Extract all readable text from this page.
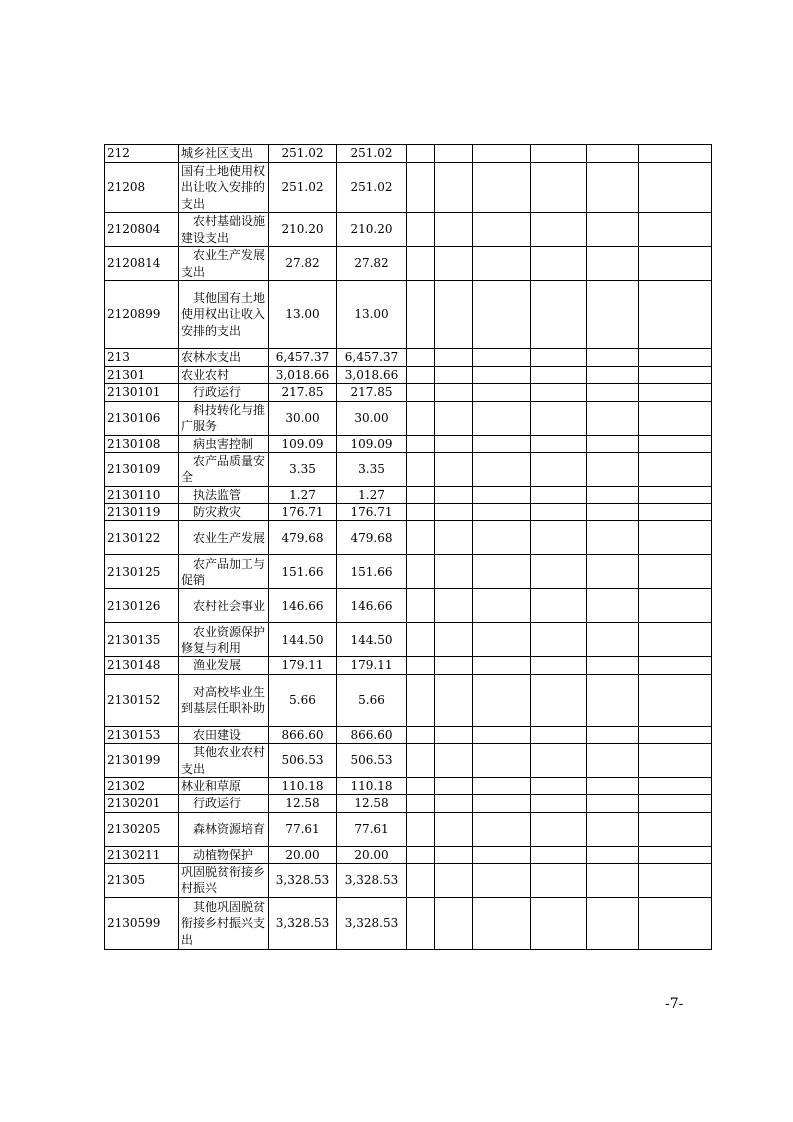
212	城乡社区支出	251.02	251.02						
21208	国有土地使用权出让收入安排的支出	251.02	251.02						
2120804	农村基础设施建设支出	210.20	210.20						
2120814	农业生产发展支出	27.82	27.82						
2120899	其他国有土地使用权出让收入安排的支出	13.00	13.00						
213	农林水支出	6,457.37	6,457.37						
21301	农业农村	3,018.66	3,018.66						
2130101	行政运行	217.85	217.85						
2130106	科技转化与推广服务	30.00	30.00						
2130108	病虫害控制	109.09	109.09						
2130109	农产品质量安全	3.35	3.35						
2130110	执法监管	1.27	1.27						
2130119	防灾救灾	176.71	176.71						
2130122	农业生产发展	479.68	479.68						
2130125	农产品加工与促销	151.66	151.66						
2130126	农村社会事业	146.66	146.66						
2130135	农业资源保护修复与利用	144.50	144.50						
2130148	渔业发展	179.11	179.11						
2130152	对高校毕业生到基层任职补助	5.66	5.66						
2130153	农田建设	866.60	866.60						
2130199	其他农业农村支出	506.53	506.53						
21302	林业和草原	110.18	110.18						
2130201	行政运行	12.58	12.58						
2130205	森林资源培育	77.61	77.61						
2130211	动植物保护	20.00	20.00						
21305	巩固脱贫衔接乡村振兴	3,328.53	3,328.53						
2130599	其他巩固脱贫衔接乡村振兴支出	3,328.53	3,328.53						
-7-
